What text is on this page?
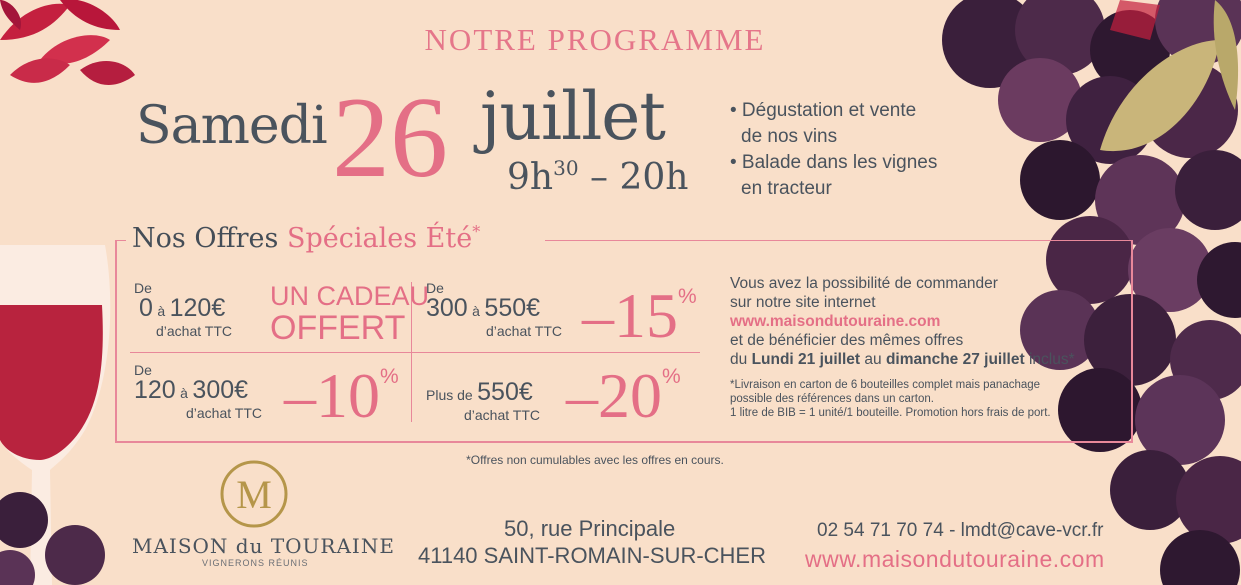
NOTRE PROGRAMME
Samedi 26 juillet
$9h^{30} - 20h$
• Dégustation et vente
de nos vins
• Balade dans les vignes
en tracteur
Nos Offres Spéciales Été*
De
0 à 120€
d’achat TTC
UN CADEAU
OFFERT
De
300 à 550€
d’achat TTC –15%
De
120 à 300€
d’achat TTC –10%
Plus de 550€
d’achat TTC –20%
Vous avez la possibilité de commander
sur notre site internet
www.maisondutouraine.com
et de bénéficier des mêmes offres
du Lundi 21 juillet au dimanche 27 juillet inclus*
*Livraison en carton de 6 bouteilles complet mais panachage
possible des références dans un carton.
1 litre de BIB = 1 unité/1 bouteille. Promotion hors frais de port.
*Offres non cumulables avec les offres en cours.
M
MAISON du TOURAINE
VIGNERONS RÉUNIS
50, rue Principale
41140 SAINT-ROMAIN-SUR-CHER
02 54 71 70 74 - lmdt@cave-vcr.fr
www.maisondutouraine.com
